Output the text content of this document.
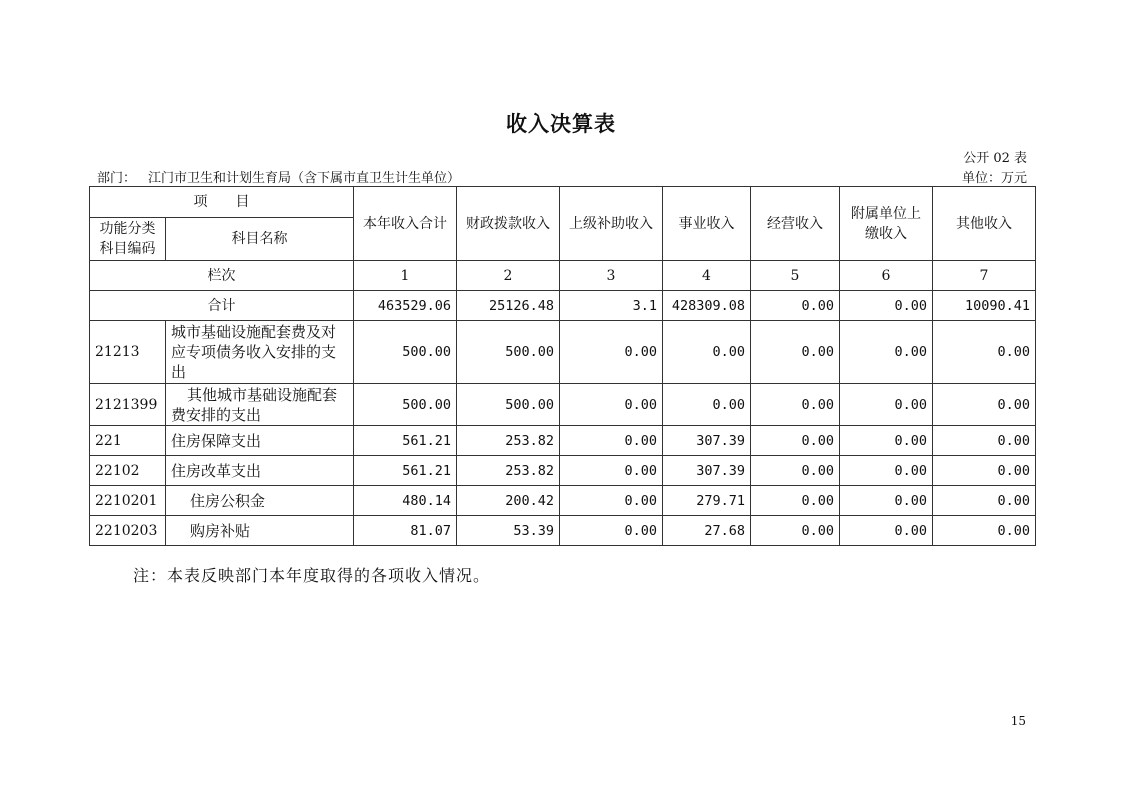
收入决算表
公开 02 表
部门： 江门市卫生和计划生育局（含下属市直卫生计生单位）	单位：万元
项　　目		本年收入合计	财政拨款收入	上级补助收入	事业收入	经营收入	附属单位上缴收入	其他收入
功能分类科目编码	科目名称							
栏次		1	2	3	4	5	6	7
合计		463529.06	25126.48	3.1	428309.08	0.00	0.00	10090.41
21213	城市基础设施配套费及对应专项债务收入安排的支出	500.00	500.00	0.00	0.00	0.00	0.00	0.00
2121399	其他城市基础设施配套费安排的支出	500.00	500.00	0.00	0.00	0.00	0.00	0.00
221	住房保障支出	561.21	253.82	0.00	307.39	0.00	0.00	0.00
22102	住房改革支出	561.21	253.82	0.00	307.39	0.00	0.00	0.00
2210201	住房公积金	480.14	200.42	0.00	279.71	0.00	0.00	0.00
2210203	购房补贴	81.07	53.39	0.00	27.68	0.00	0.00	0.00
注：本表反映部门本年度取得的各项收入情况。
15
